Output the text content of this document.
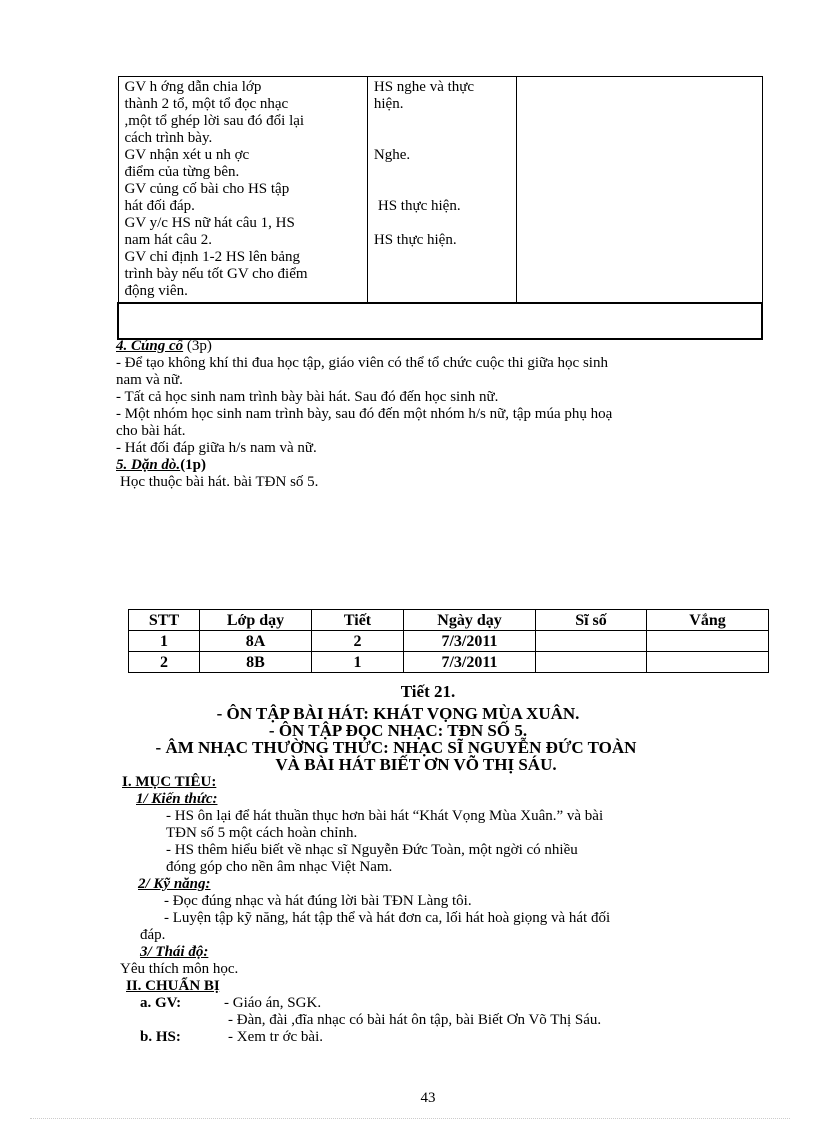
GV h ớng dẫn chia lớp
thành 2 tổ, một tổ đọc nhạc
,một tổ ghép lời sau đó đổi lại
cách trình bày.
GV nhận xét u nh ợc
điểm của từng bên.
GV củng cố bài cho HS tập
hát đối đáp.
GV y/c HS nữ hát câu 1, HS
nam hát câu 2.
GV chỉ định 1-2 HS lên bảng
trình bày nếu tốt GV cho điểm
động viên.

HS nghe và thực
hiện.
Nghe.
HS thực hiện.
HS thực hiện.

4. Củng cố (3p)
- Để tạo không khí thi đua học tập, giáo viên có thể tổ chức cuộc thi giữa học sinh
nam và nữ.
- Tất cả học sinh nam trình bày bài hát. Sau đó đến học sinh nữ.
- Một nhóm học sinh nam trình bày, sau đó đến một nhóm h/s nữ, tập múa phụ hoạ
cho bài hát.
- Hát đối đáp giữa h/s nam và nữ.
5. Dặn dò.(1p)
Học thuộc bài hát. bài TĐN số 5.
STT	Lớp dạy	Tiết	Ngày dạy	Sĩ số	Vắng
1	8A	2	7/3/2011		
2	8B	1	7/3/2011		
Tiết 21.
- ÔN TẬP BÀI HÁT: KHÁT VỌNG MÙA XUÂN.
- ÔN TẬP ĐỌC NHẠC: TĐN SỐ 5.
- ÂM NHẠC THƯỜNG THỨC: NHẠC SĨ NGUYỄN ĐỨC TOÀN
VÀ BÀI HÁT BIẾT ƠN VÕ THỊ SÁU.
I. MỤC TIÊU:
1/ Kiến thức:
- HS ôn lại để hát thuần thục hơn bài hát “Khát Vọng Mùa Xuân.” và bài
TĐN số 5 một cách hoàn chỉnh.
- HS thêm hiểu biết về nhạc sĩ Nguyễn Đức Toàn, một ngời có nhiều
đóng góp cho nền âm nhạc Việt Nam.
2/ Kỹ năng:
- Đọc đúng nhạc và hát đúng lời bài TĐN Làng tôi.
- Luyện tập kỹ năng, hát tập thể và hát đơn ca, lối hát hoà giọng và hát đối
đáp.
3/ Thái độ:
Yêu thích môn học.
II. CHUẨN BỊ
a. GV:	- Giáo án, SGK.
- Đàn, đài ,đĩa nhạc có bài hát ôn tập, bài Biết Ơn Võ Thị Sáu.
b. HS:	- Xem tr ớc bài.
43
